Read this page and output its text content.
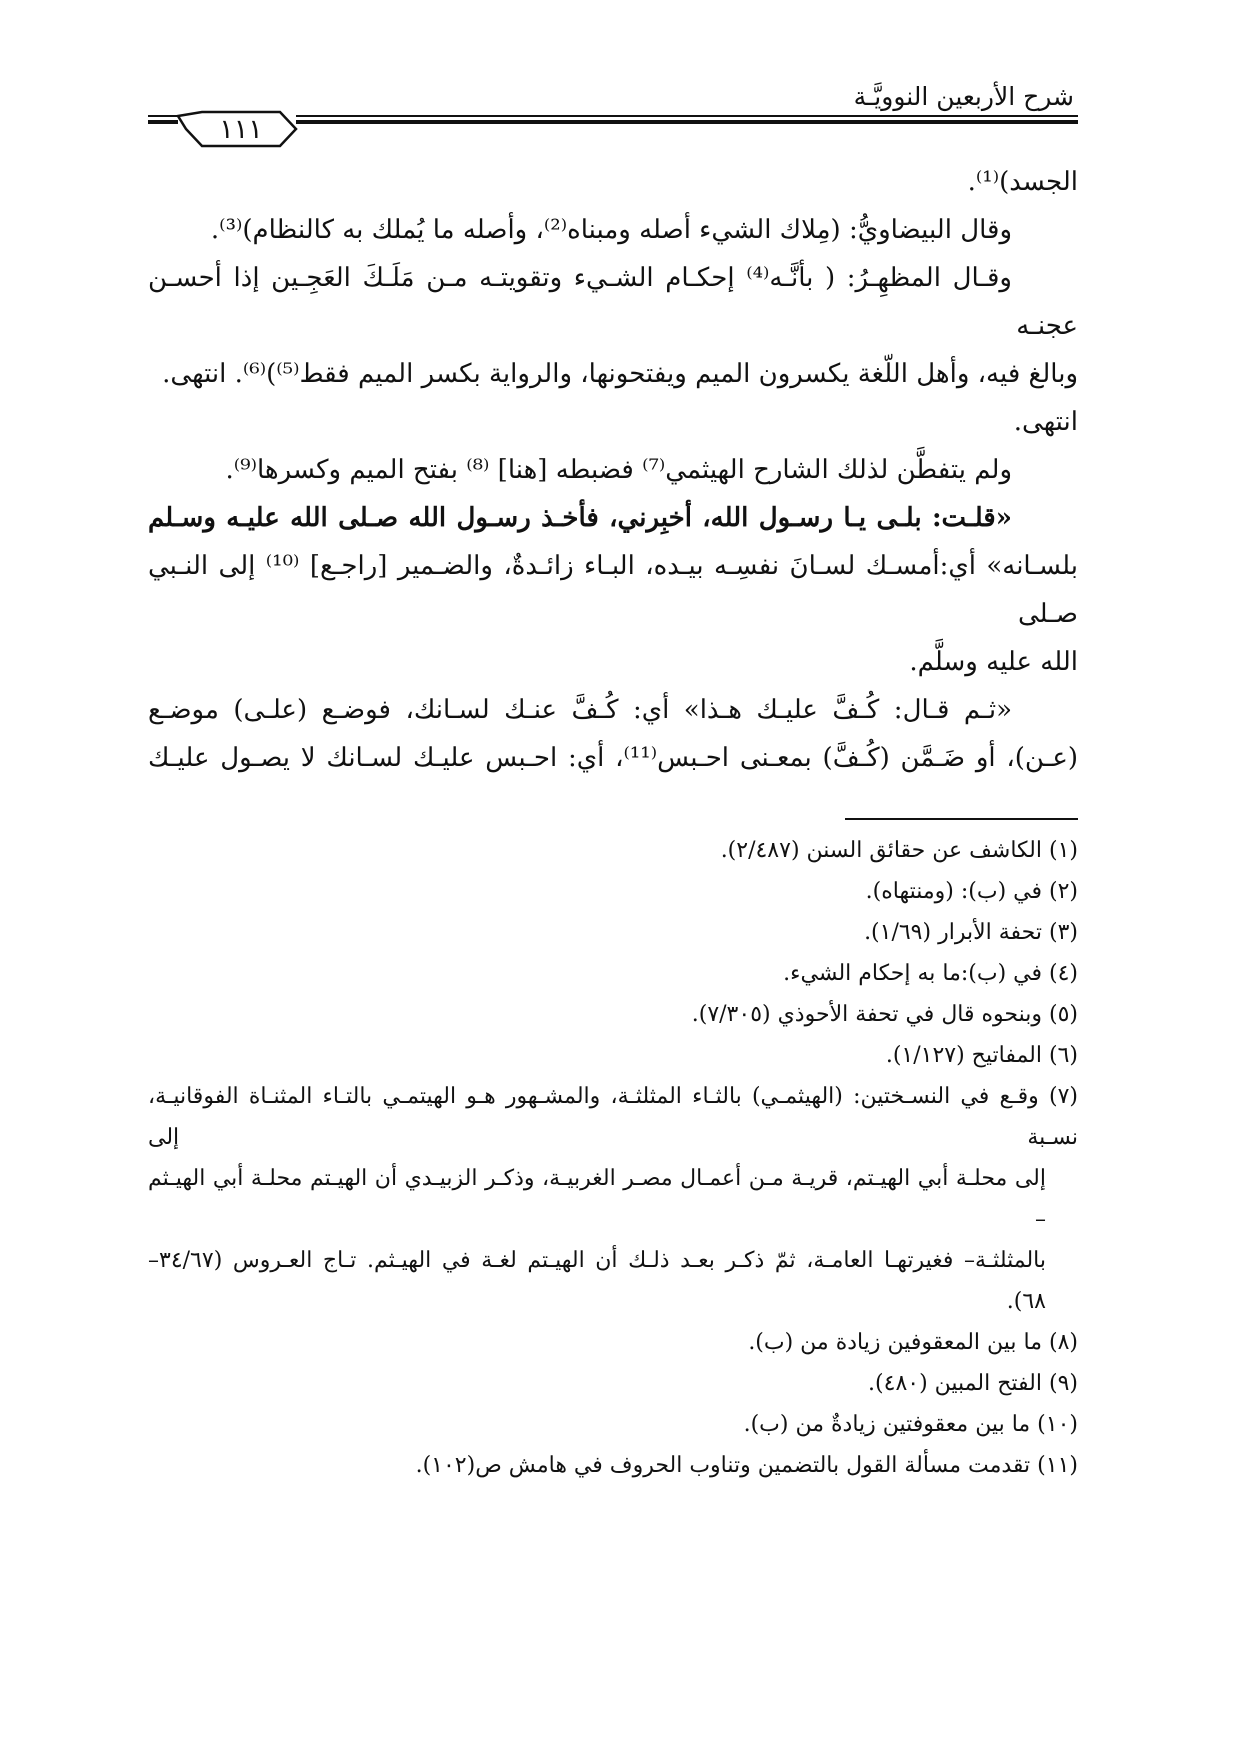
شرح الأربعين النوويَّـة
١١١

الجسد)⁽¹⁾.

وقال البيضاويُّ: (مِلاك الشيء أصله ومبناه⁽²⁾، وأصله ما يُملك به كالنظام)⁽³⁾.

وقـال المظهِـرُ: ( بأنَّـه⁽⁴⁾ إحكـام الشـيء وتقويتـه مـن مَلَـكَ العَجِـين إذا أحسـن عجنـه

وبالغ فيه، وأهل اللّغة يكسرون الميم ويفتحونها، والرواية بكسر الميم فقط⁽⁵⁾)⁽⁶⁾. انتهى.

انتهى.

ولم يتفطَّن لذلك الشارح الهيثمي⁽⁷⁾ فضبطه [هنا] ⁽⁸⁾ بفتح الميم وكسرها⁽⁹⁾.

«قلـت: بلـى يـا رسـول الله، أخبِرني، فأخـذ رسـول الله صـلى الله عليـه وسـلم

بلسـانه» أي:أمسـك لسـانَ نفسِـه بيـده، البـاء زائـدةٌ، والضـمير [راجـع] ⁽¹⁰⁾ إلى النـبي صـلى

الله عليه وسلَّم.

«ثـم قـال: كُـفَّ عليـك هـذا» أي: كُـفَّ عنـك لسـانك، فوضـع (علـى) موضـع

(عـن)، أو ضَـمَّن (كُـفَّ) بمعـنى احـبس⁽¹¹⁾، أي: احـبس عليـك لسـانك لا يصـول عليـك

(١) الكاشف عن حقائق السنن (٢/٤٨٧).

(٢) في (ب): (ومنتهاه).

(٣) تحفة الأبرار (١/٦٩).

(٤) في (ب):ما به إحكام الشيء.

(٥) وبنحوه قال في تحفة الأحوذي (٧/٣٠٥).

(٦) المفاتيح (١/١٢٧).

(٧) وقـع في النسـختين: (الهيثمـي) بالثـاء المثلثـة، والمشـهور هـو الهيتمـي بالتـاء المثنـاة الفوقانيـة، نسـبة إلى

إلى محلـة أبي الهيـتم، قريـة مـن أعمـال مصـر الغربيـة، وذكـر الزبيـدي أن الهيـتم محلـة أبي الهيـثم –

بالمثلثـة– فغيرتهـا العامـة، ثمّ ذكـر بعـد ذلـك أن الهيـتم لغـة في الهيـثم. تـاج العـروس (٣٤/٦٧–

٦٨).

(٨) ما بين المعقوفين زيادة من (ب).

(٩) الفتح المبين (٤٨٠).

(١٠) ما بين معقوفتين زيادةٌ من (ب).

(١١) تقدمت مسألة القول بالتضمين وتناوب الحروف في هامش ص(١٠٢).
